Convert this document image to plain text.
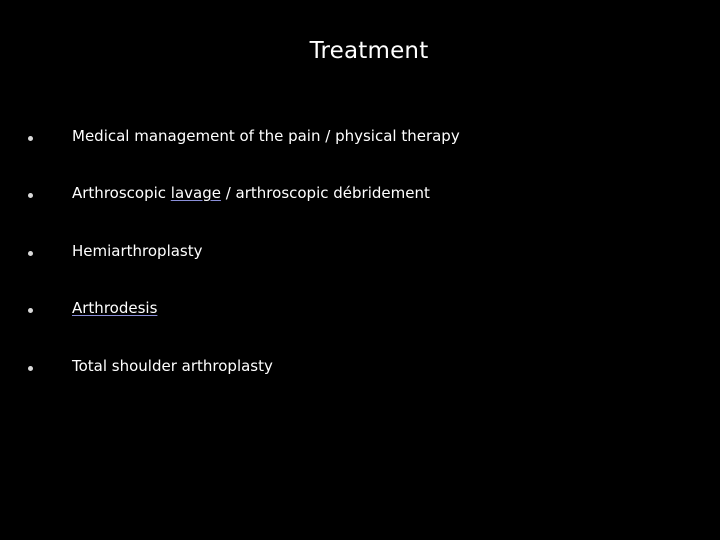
Treatment
Medical management of the pain / physical therapy
Arthroscopic lavage / arthroscopic débridement
Hemiarthroplasty
Arthrodesis
Total shoulder arthroplasty
